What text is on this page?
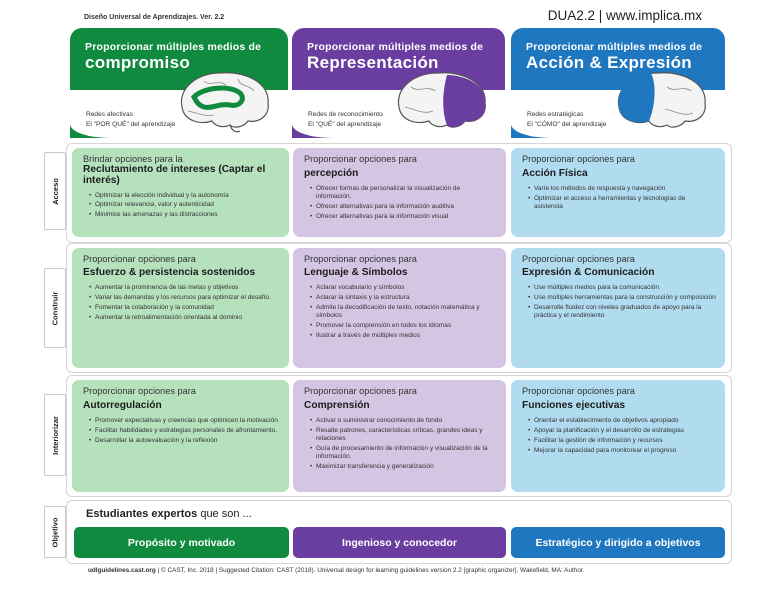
Diseño Universal de Aprendizajes. Ver. 2.2	DUA2.2 | www.implica.mx
Proporcionar múltiples medios de
compromiso
Redes afectivas
El "POR QUÉ" del aprendizaje
Proporcionar múltiples medios de
Representación
Redes de reconocimiento
El "QUÉ" del aprendizaje
Proporcionar múltiples medios de
Acción & Expresión
Redes estratégicas
El "CÓMO" del aprendizaje
Acceso
Construir
Interiorizar
Objetivo
Brindar opciones para la
Reclutamiento de intereses (Captar el interés)
• Optimizar la elección individual y la autonomía
• Optimizar relevancia, valor y autenticidad
• Minimice las amenazas y las distracciones
Proporcionar opciones para
percepción
• Ofrecer formas de personalizar la visualización de información.
• Ofrecer alternativas para la información auditiva
• Ofrecer alternativas para la información visual
Proporcionar opciones para
Acción Física
• Varíe los métodos de respuesta y navegación
• Optimizar el acceso a herramientas y tecnologías de asistencia
Proporcionar opciones para
Esfuerzo & persistencia sostenidos
• Aumentar la prominencia de las metas y objetivos
• Variar las demandas y los recursos para optimizar el desafío.
• Fomentar la colaboración y la comunidad
• Aumentar la retroalimentación orientada al dominio
Proporcionar opciones para
Lenguaje & Símbolos
• Aclarar vocabulario y símbolos
• Aclarar la sintaxis y la estructura
• Admite la decodificación de texto, notación matemática y símbolos
• Promover la comprensión en todos los idiomas
• Ilustrar a través de múltiples medios
Proporcionar opciones para
Expresión & Comunicación
• Use múltiples medios para la comunicación
• Use múltiples herramientas para la construcción y composición
• Desarrolle fluidez con niveles graduados de apoyo para la práctica y el rendimiento
Proporcionar opciones para
Autorregulación
• Promover expectativas y creencias que optimicen la motivación
• Facilitar habilidades y estrategias personales de afrontamiento.
• Desarrollar la autoevaluación y la reflexión
Proporcionar opciones para
Comprensión
• Activar o suministrar conocimiento de fondo
• Resalte patrones, características críticas, grandes ideas y relaciones
• Guía de procesamiento de información y visualización de la información.
• Maximizar transferencia y generalización
Proporcionar opciones para
Funciones ejecutivas
• Orientar el establecimiento de objetivos apropiado
• Apoyar la planificación y el desarrollo de estrategias
• Facilitar la gestión de información y recursos
• Mejorar la capacidad para monitorear el progreso
Estudiantes expertos que son ...
Propósito y motivado	Ingenioso y conocedor	Estratégico y dirigido a objetivos
udlguidelines.cast.org | © CAST, Inc. 2018 | Suggested Citation: CAST (2018). Universal design for learning guidelines version 2.2 [graphic organizer]. Wakefield, MA: Author.
